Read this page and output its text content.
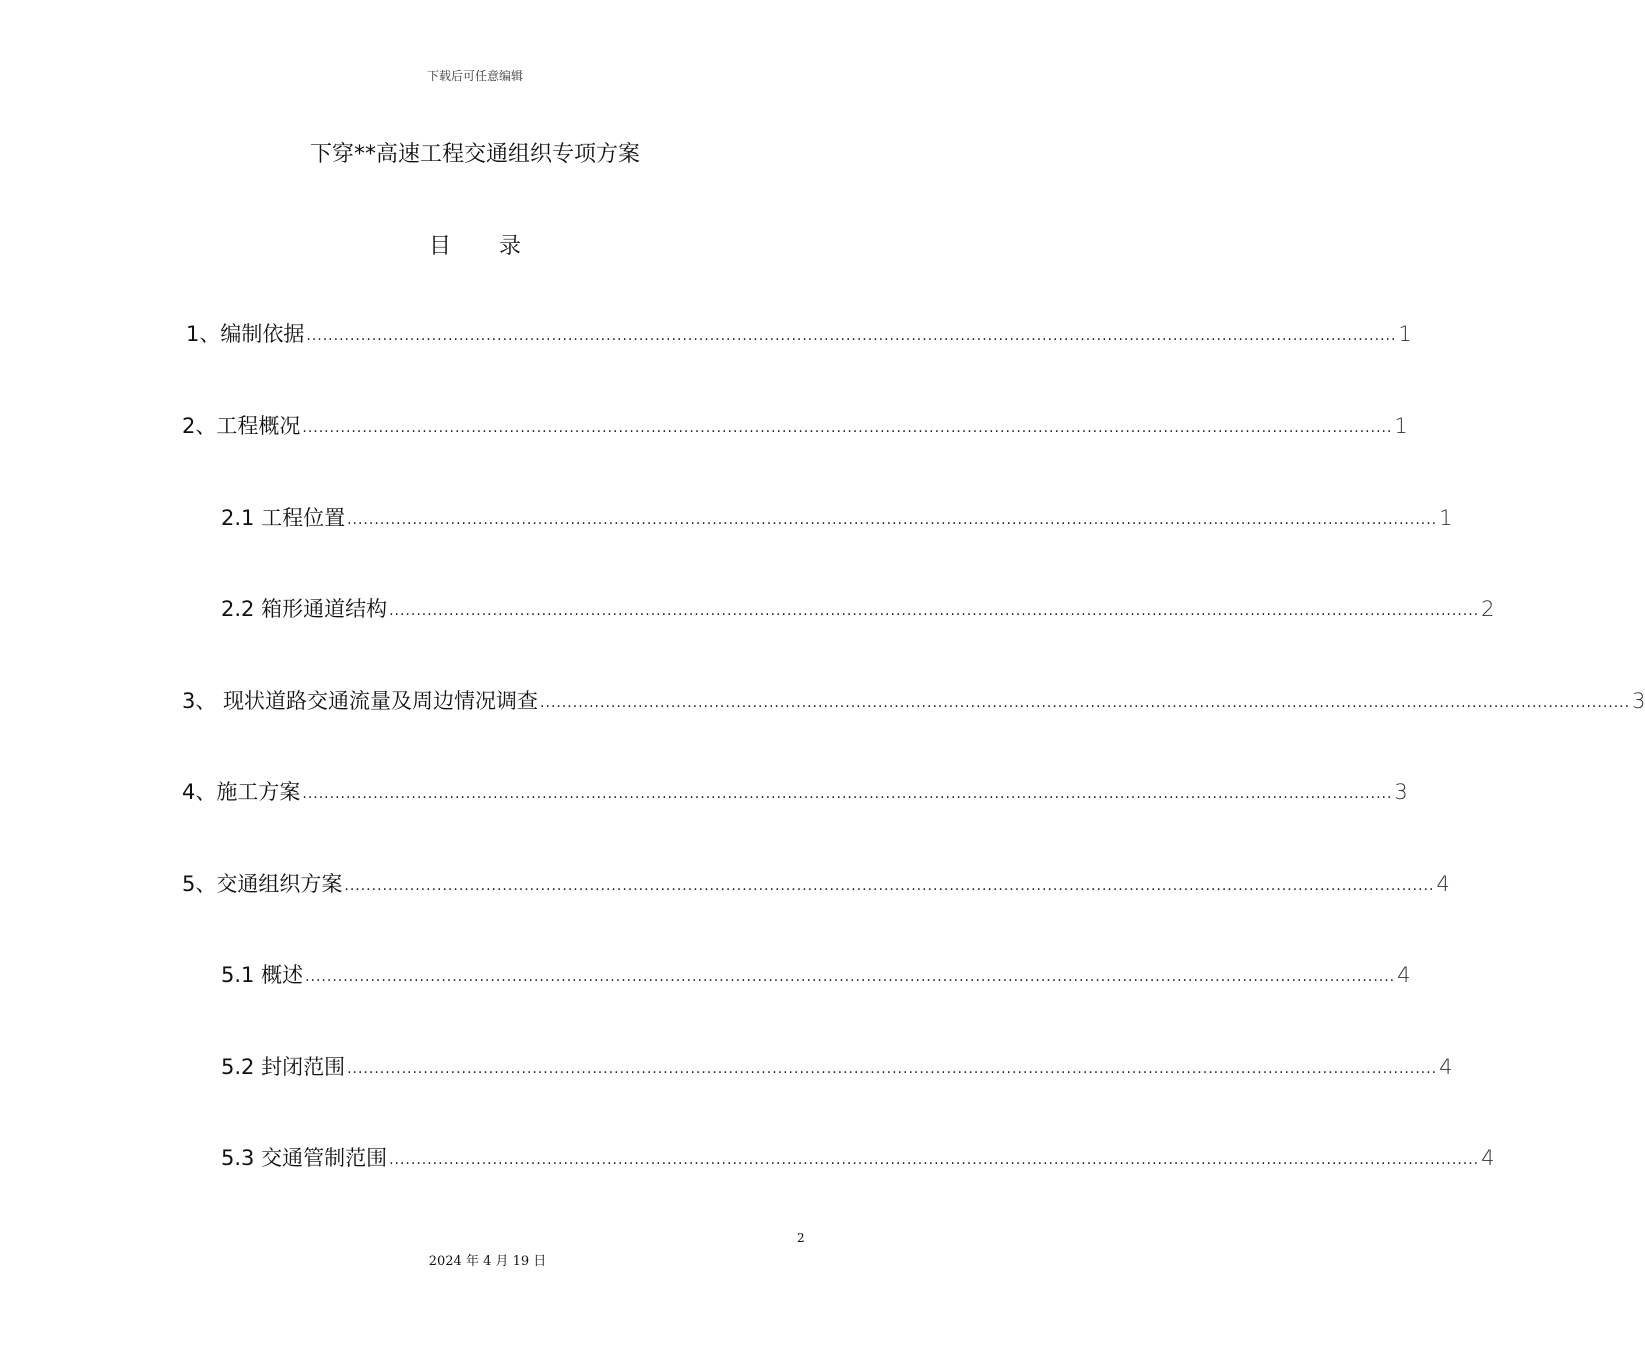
下载后可任意编辑
下穿**高速工程交通组织专项方案
目 录
1、编制依据 ........................................................................................................................................................................................................ 1
2、工程概况 ........................................................................................................................................................................................................ 1
2.1 工程位置 ........................................................................................................................................................................................................ 1
2.2 箱形通道结构 ........................................................................................................................................................................................................ 2
3、 现状道路交通流量及周边情况调查 ........................................................................................................................................................................................................ 3
4、施工方案 ........................................................................................................................................................................................................ 3
5、交通组织方案 ........................................................................................................................................................................................................ 4
5.1 概述 ........................................................................................................................................................................................................ 4
5.2 封闭范围 ........................................................................................................................................................................................................ 4
5.3 交通管制范围 ........................................................................................................................................................................................................ 4
2
2024 年 4 月 19 日
